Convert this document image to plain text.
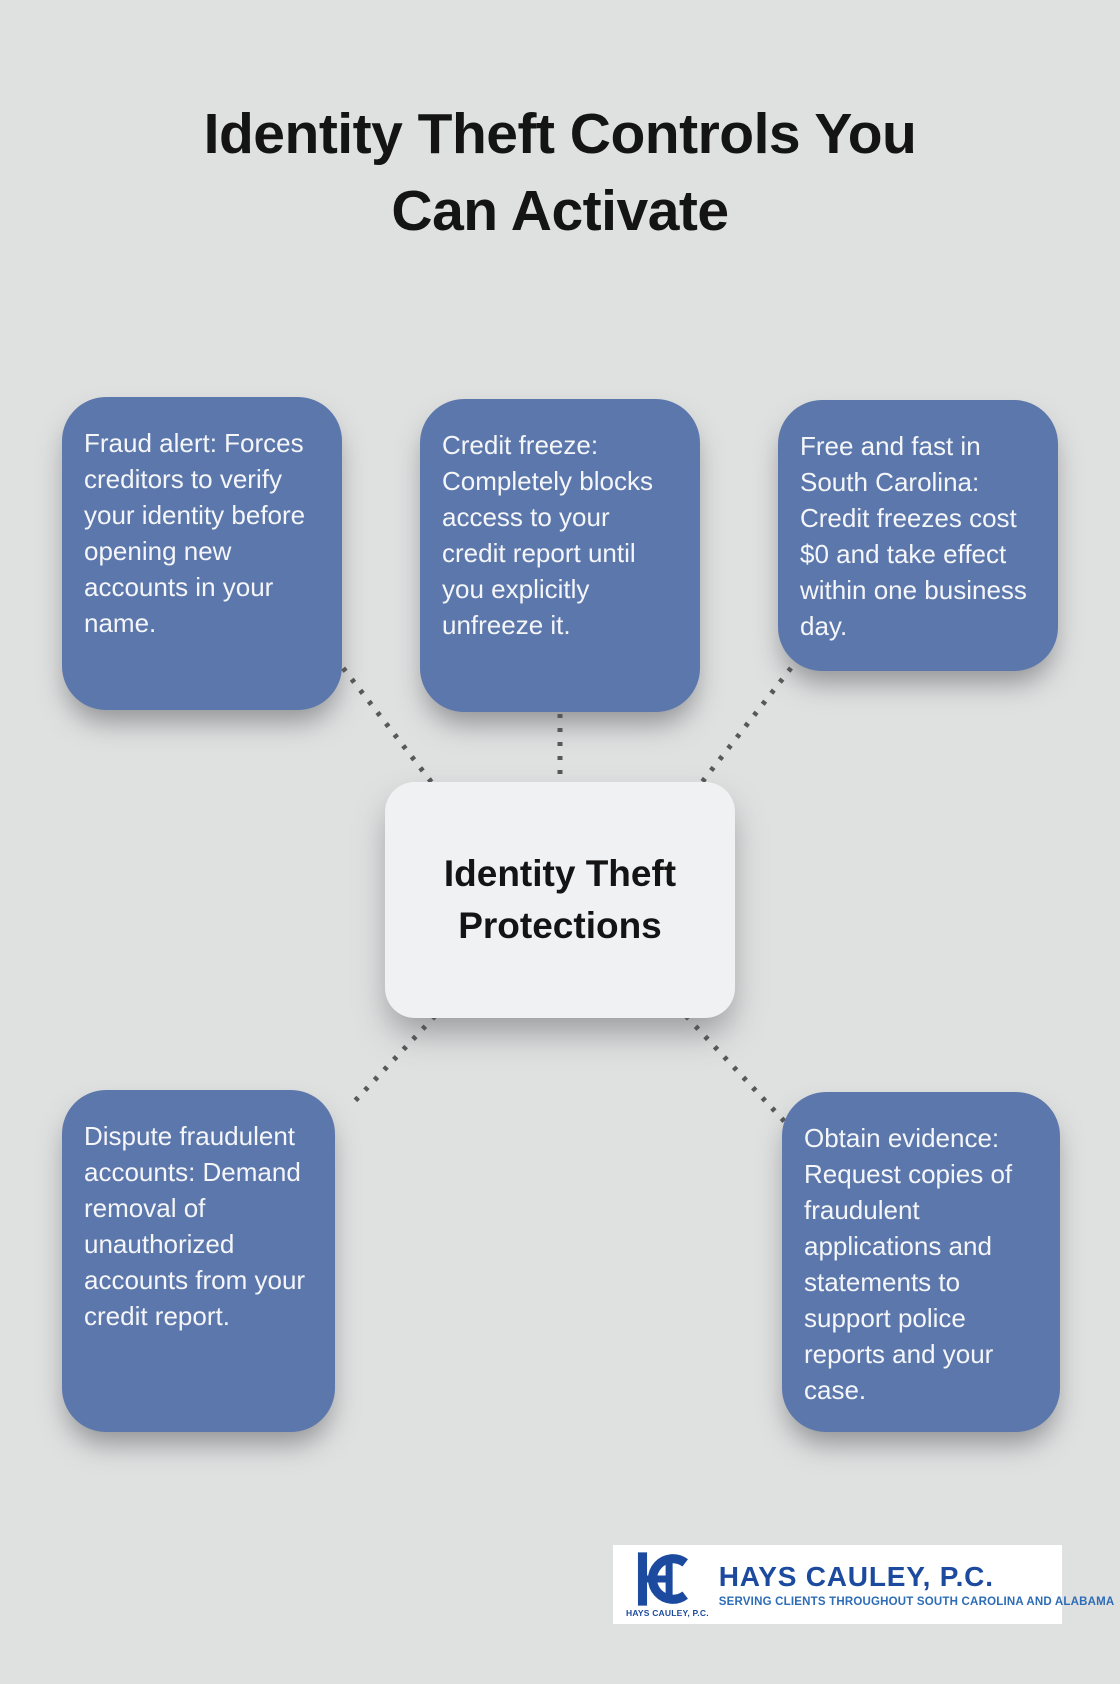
Identity Theft Controls You
Can Activate
Fraud alert: Forces creditors to verify your identity before opening new accounts in your name.
Credit freeze: Completely blocks access to your credit report until you explicitly unfreeze it.
Free and fast in South Carolina: Credit freezes cost $0 and take effect within one business day.
Identity Theft Protections
Dispute fraudulent accounts: Demand removal of unauthorized accounts from your credit report.
Obtain evidence: Request copies of fraudulent applications and statements to support police reports and your case.
HAYS CAULEY, P.C.
HAYS CAULEY, P.C.
SERVING CLIENTS THROUGHOUT SOUTH CAROLINA AND ALABAMA
